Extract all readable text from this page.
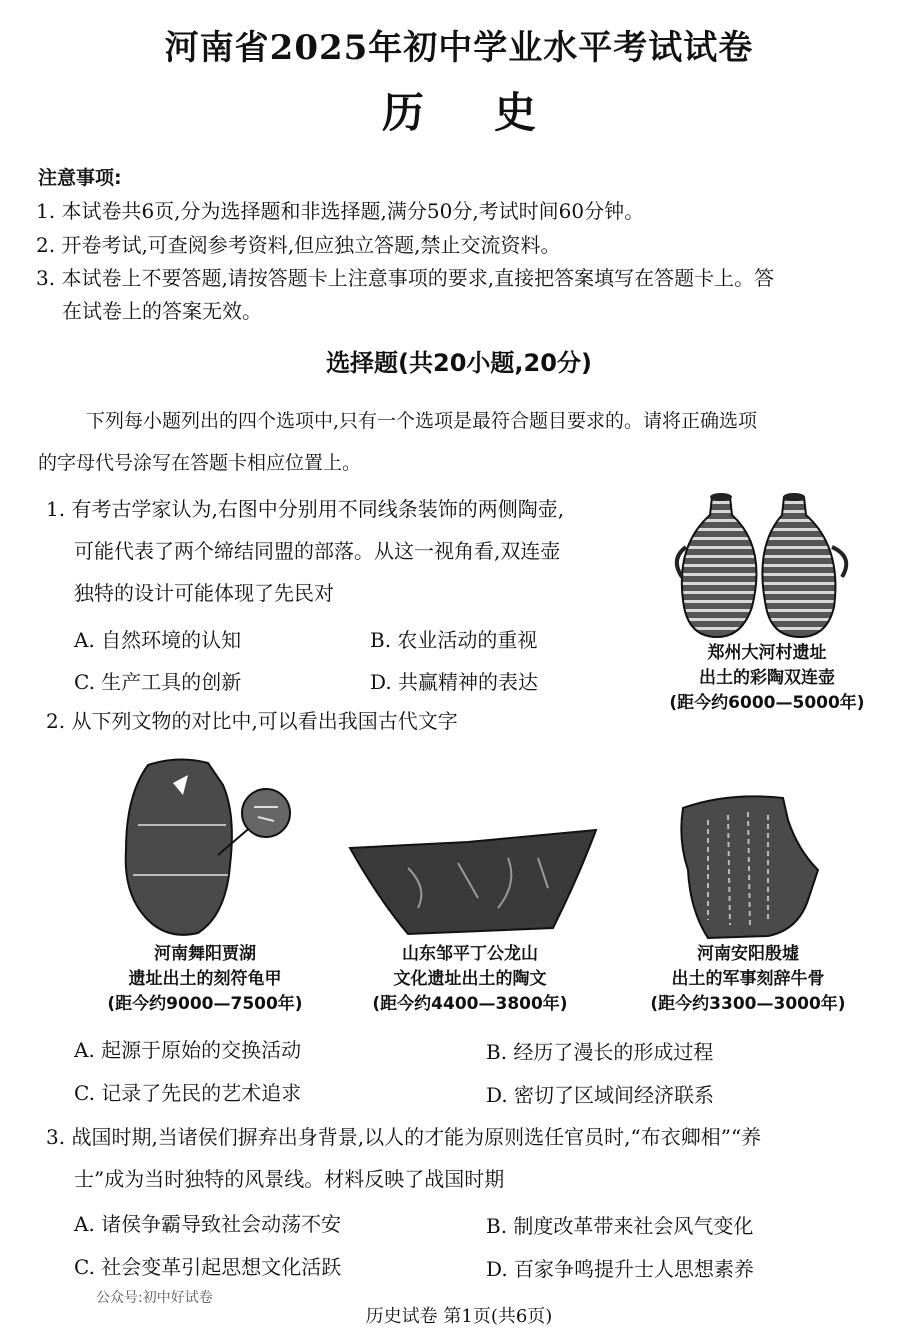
河南省2025年初中学业水平考试试卷
历史
注意事项:
1. 本试卷共6页,分为选择题和非选择题,满分50分,考试时间60分钟。
2. 开卷考试,可查阅参考资料,但应独立答题,禁止交流资料。
3. 本试卷上不要答题,请按答题卡上注意事项的要求,直接把答案填写在答题卡上。答
在试卷上的答案无效。
选择题(共20小题,20分)
下列每小题列出的四个选项中,只有一个选项是最符合题目要求的。请将正确选项
的字母代号涂写在答题卡相应位置上。
1. 有考古学家认为,右图中分别用不同线条装饰的两侧陶壶,
可能代表了两个缔结同盟的部落。从这一视角看,双连壶
独特的设计可能体现了先民对
A. 自然环境的认知	B. 农业活动的重视
C. 生产工具的创新	D. 共赢精神的表达
郑州大河村遗址
出土的彩陶双连壶
(距今约6000—5000年)
2. 从下列文物的对比中,可以看出我国古代文字
河南舞阳贾湖
遗址出土的刻符龟甲
(距今约9000—7500年)
山东邹平丁公龙山
文化遗址出土的陶文
(距今约4400—3800年)
河南安阳殷墟
出土的军事刻辞牛骨
(距今约3300—3000年)
A. 起源于原始的交换活动	B. 经历了漫长的形成过程
C. 记录了先民的艺术追求	D. 密切了区域间经济联系
3. 战国时期,当诸侯们摒弃出身背景,以人的才能为原则选任官员时,“布衣卿相”“养
士”成为当时独特的风景线。材料反映了战国时期
A. 诸侯争霸导致社会动荡不安	B. 制度改革带来社会风气变化
C. 社会变革引起思想文化活跃	D. 百家争鸣提升士人思想素养
公众号:初中好试卷
历史试卷 第1页(共6页)
